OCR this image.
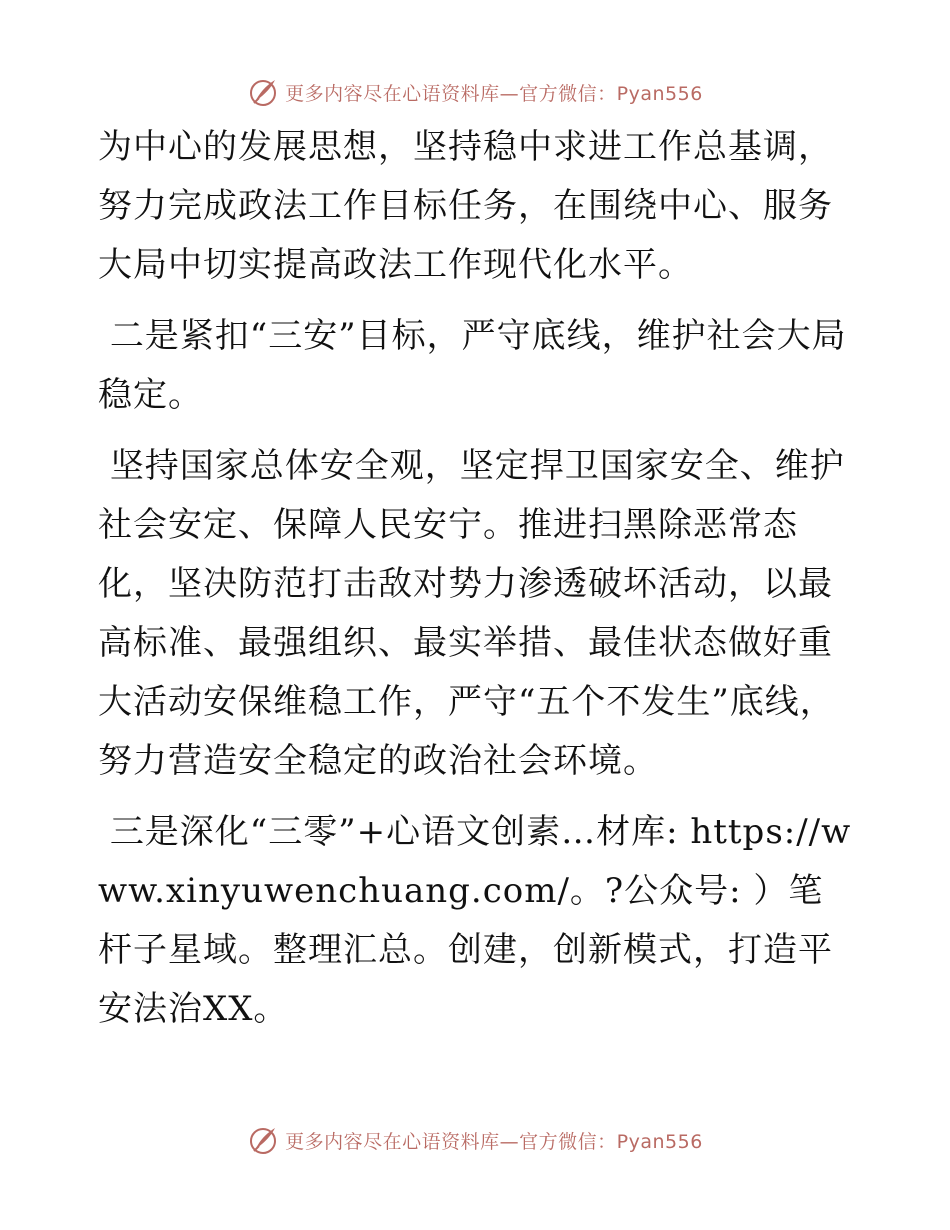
更多内容尽在心语资料库—官方微信：Pyan556

为中心的发展思想，坚持稳中求进工作总基调，努力完成政法工作目标任务，在围绕中心、服务大局中切实提高政法工作现代化水平。

二是紧扣“三安”目标，严守底线，维护社会大局稳定。

坚持国家总体安全观，坚定捍卫国家安全、维护社会安定、保障人民安宁。推进扫黑除恶常态化，坚决防范打击敌对势力渗透破坏活动，以最高标准、最强组织、最实举措、最佳状态做好重大活动安保维稳工作，严守“五个不发生”底线，努力营造安全稳定的政治社会环境。

三是深化“三零”+心语文创素…材库: https://www.xinyuwenchuang.com/。?公众号: ）笔杆子星域。整理汇总。创建，创新模式，打造平安法治XX。

更多内容尽在心语资料库—官方微信：Pyan556
